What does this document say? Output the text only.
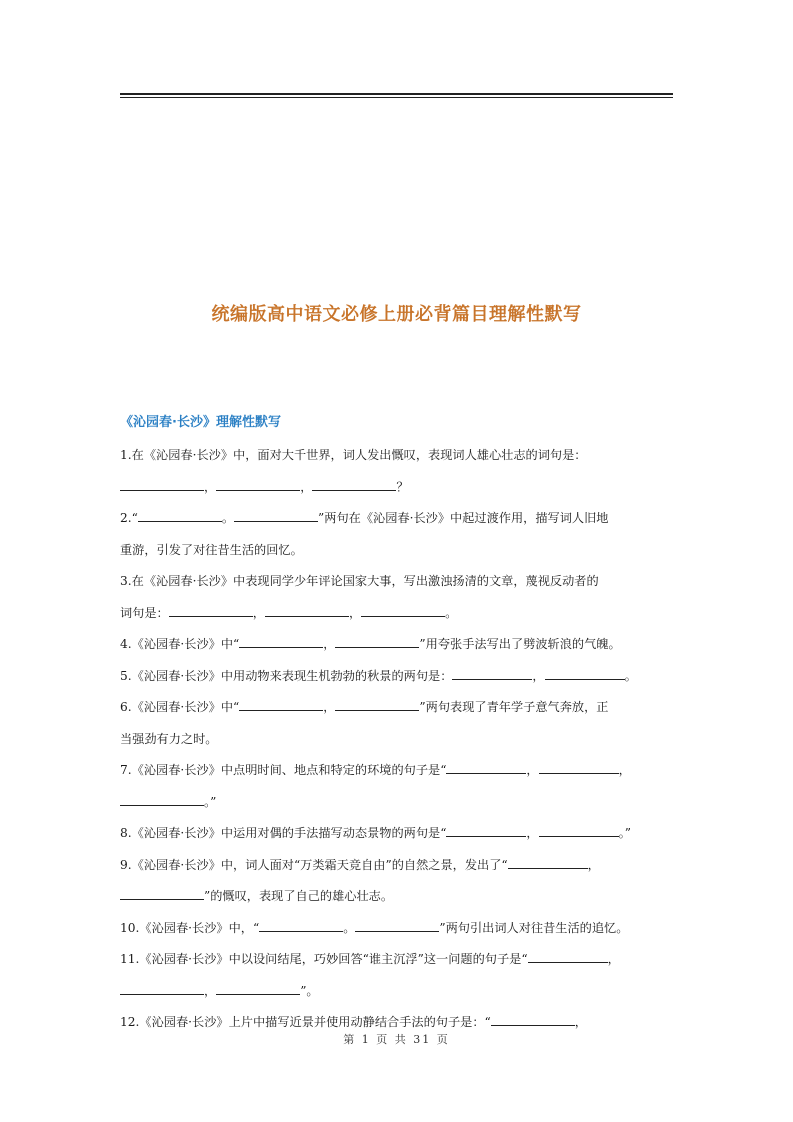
统编版高中语文必修上册必背篇目理解性默写
《沁园春·长沙》理解性默写

1.在《沁园春·长沙》中，面对大千世界，词人发出慨叹，表现词人雄心壮志的词句是：

，	，	？

2.“	。	”两句在《沁园春·长沙》中起过渡作用，描写词人旧地

重游，引发了对往昔生活的回忆。

3.在《沁园春·长沙》中表现同学少年评论国家大事，写出激浊扬清的文章，蔑视反动者的

词句是：	，	，	。

4.《沁园春·长沙》中“	，	”用夸张手法写出了劈波斩浪的气魄。

5.《沁园春·长沙》中用动物来表现生机勃勃的秋景的两句是：	，	。

6.《沁园春·长沙》中“	，	”两句表现了青年学子意气奔放，正

当强劲有力之时。

7.《沁园春·长沙》中点明时间、地点和特定的环境的句子是“	，	，

。”

8.《沁园春·长沙》中运用对偶的手法描写动态景物的两句是“	，	。”

9.《沁园春·长沙》中，词人面对“万类霜天竞自由”的自然之景，发出了“	，

”的慨叹，表现了自己的雄心壮志。

10.《沁园春·长沙》中，“	。	”两句引出词人对往昔生活的追忆。

11.《沁园春·长沙》中以设问结尾，巧妙回答“谁主沉浮”这一问题的句子是“	，

，	”。

12.《沁园春·长沙》上片中描写近景并使用动静结合手法的句子是：“	，

第 1 页 共 31 页
